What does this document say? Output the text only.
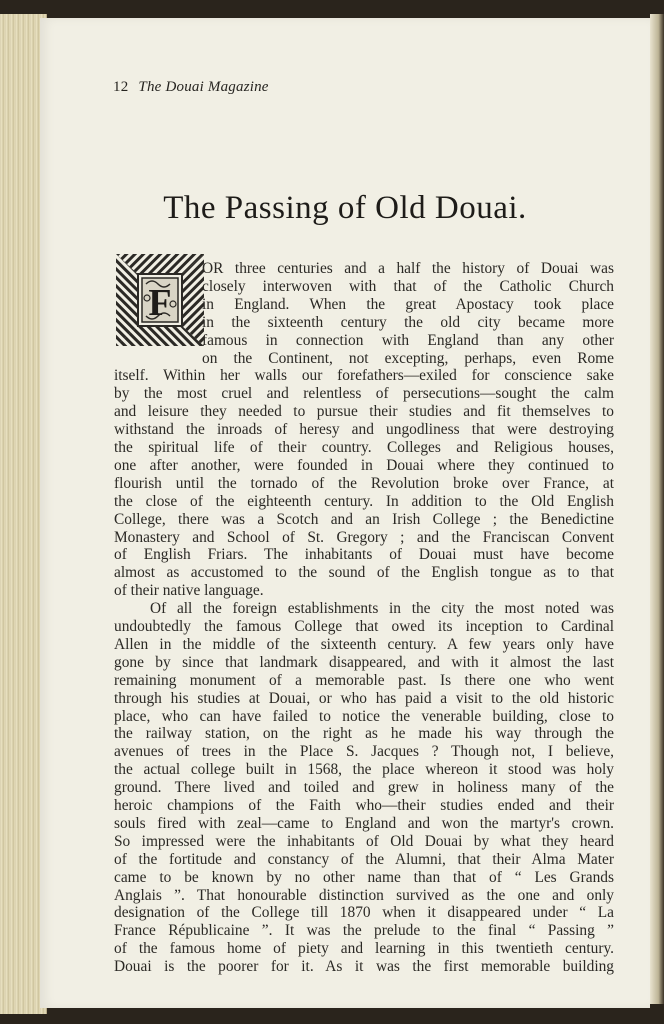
12 The Douai Magazine
The Passing of Old Douai.
F
OR three centuries and a half the history of Douai was
closely interwoven with that of the Catholic Church
in England. When the great Apostacy took place
in the sixteenth century the old city became more
famous in connection with England than any other
on the Continent, not excepting, perhaps, even Rome
itself. Within her walls our forefathers—exiled for conscience sake
by the most cruel and relentless of persecutions—sought the calm
and leisure they needed to pursue their studies and fit themselves to
withstand the inroads of heresy and ungodliness that were destroying
the spiritual life of their country. Colleges and Religious houses,
one after another, were founded in Douai where they continued to
flourish until the tornado of the Revolution broke over France, at
the close of the eighteenth century. In addition to the Old English
College, there was a Scotch and an Irish College ; the Benedictine
Monastery and School of St. Gregory ; and the Franciscan Convent
of English Friars. The inhabitants of Douai must have become
almost as accustomed to the sound of the English tongue as to that
of their native language.
Of all the foreign establishments in the city the most noted was
undoubtedly the famous College that owed its inception to Cardinal
Allen in the middle of the sixteenth century. A few years only have
gone by since that landmark disappeared, and with it almost the last
remaining monument of a memorable past. Is there one who went
through his studies at Douai, or who has paid a visit to the old historic
place, who can have failed to notice the venerable building, close to
the railway station, on the right as he made his way through the
avenues of trees in the Place S. Jacques ? Though not, I believe,
the actual college built in 1568, the place whereon it stood was holy
ground. There lived and toiled and grew in holiness many of the
heroic champions of the Faith who—their studies ended and their
souls fired with zeal—came to England and won the martyr's crown.
So impressed were the inhabitants of Old Douai by what they heard
of the fortitude and constancy of the Alumni, that their Alma Mater
came to be known by no other name than that of “ Les Grands
Anglais ”. That honourable distinction survived as the one and only
designation of the College till 1870 when it disappeared under “ La
France Républicaine ”. It was the prelude to the final “ Passing ”
of the famous home of piety and learning in this twentieth century.
Douai is the poorer for it. As it was the first memorable building
